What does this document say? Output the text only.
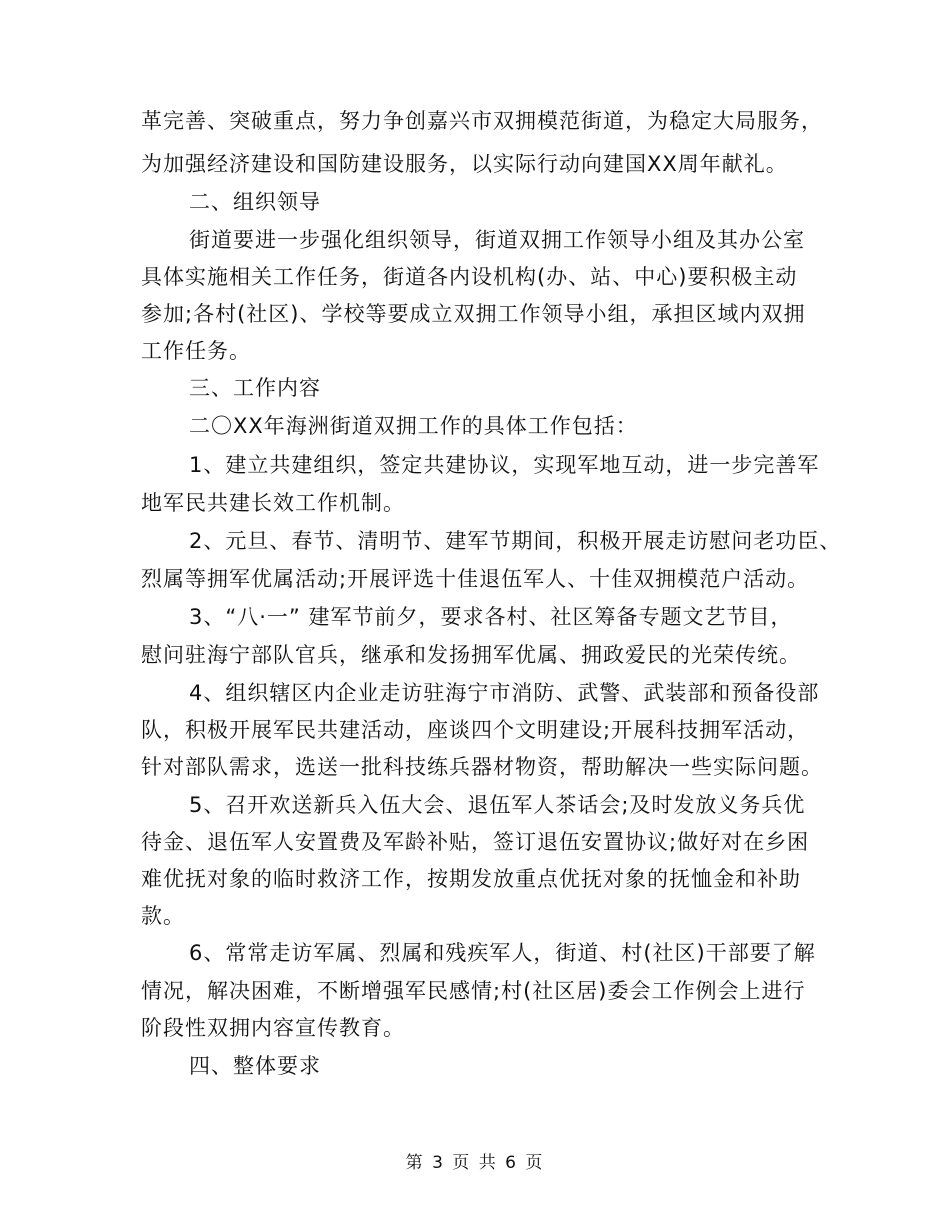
革完善、突破重点，努力争创嘉兴市双拥模范街道，为稳定大局服务，
为加强经济建设和国防建设服务，以实际行动向建国XX周年献礼。
二、组织领导
街道要进一步强化组织领导，街道双拥工作领导小组及其办公室
具体实施相关工作任务，街道各内设机构(办、站、中心)要积极主动
参加;各村(社区)、学校等要成立双拥工作领导小组，承担区域内双拥
工作任务。
三、工作内容
二〇XX年海洲街道双拥工作的具体工作包括：
1、建立共建组织，签定共建协议，实现军地互动，进一步完善军
地军民共建长效工作机制。
2、元旦、春节、清明节、建军节期间，积极开展走访慰问老功臣、
烈属等拥军优属活动;开展评选十佳退伍军人、十佳双拥模范户活动。
3、“八·一” 建军节前夕，要求各村、社区筹备专题文艺节目，
慰问驻海宁部队官兵，继承和发扬拥军优属、拥政爱民的光荣传统。
4、组织辖区内企业走访驻海宁市消防、武警、武装部和预备役部
队，积极开展军民共建活动，座谈四个文明建设;开展科技拥军活动，
针对部队需求，选送一批科技练兵器材物资，帮助解决一些实际问题。
5、召开欢送新兵入伍大会、退伍军人茶话会;及时发放义务兵优
待金、退伍军人安置费及军龄补贴，签订退伍安置协议;做好对在乡困
难优抚对象的临时救济工作，按期发放重点优抚对象的抚恤金和补助
款。
6、常常走访军属、烈属和残疾军人，街道、村(社区)干部要了解
情况，解决困难，不断增强军民感情;村(社区居)委会工作例会上进行
阶段性双拥内容宣传教育。
四、整体要求
第 3 页 共 6 页
